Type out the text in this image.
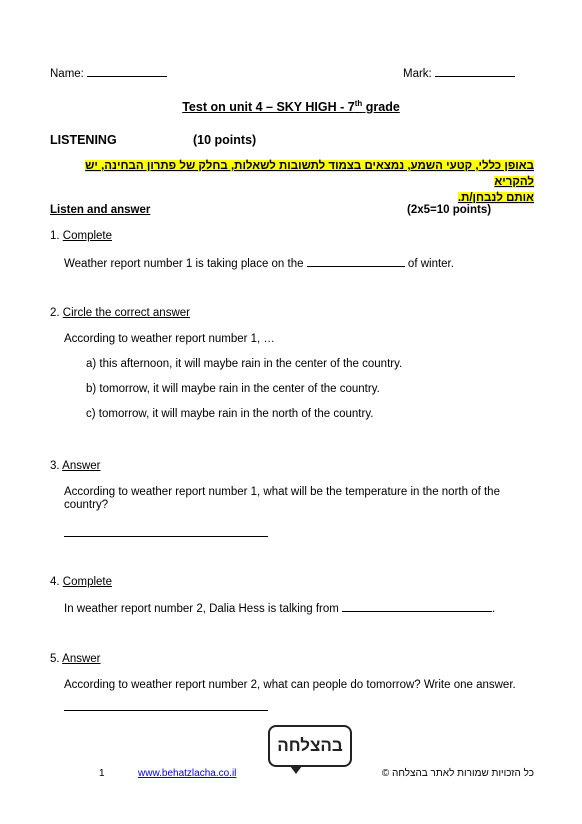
Name:	Mark:
Test on unit 4 – SKY HIGH - 7th grade
LISTENING	(10 points)
באופן כללי, קטעי השמע, נמצאים בצמוד לתשובות לשאלות, בחלק של פתרון הבחינה, יש להקריא
אותם לנבחן/ת.
Listen and answer	(2x5=10 points)
1. Complete
Weather report number 1 is taking place on the	of winter.
2. Circle the correct answer
According to weather report number 1, …
a) this afternoon, it will maybe rain in the center of the country.
b) tomorrow, it will maybe rain in the center of the country.
c) tomorrow, it will maybe rain in the north of the country.
3. Answer
According to weather report number 1, what will be the temperature in the north of the
country?
4. Complete
In weather report number 2, Dalia Hess is talking from	.
5. Answer
According to weather report number 2, what can people do tomorrow? Write one answer.
בהצלחה
1	www.behatzlacha.co.il	כל הזכויות שמורות לאתר בהצלחה ©
